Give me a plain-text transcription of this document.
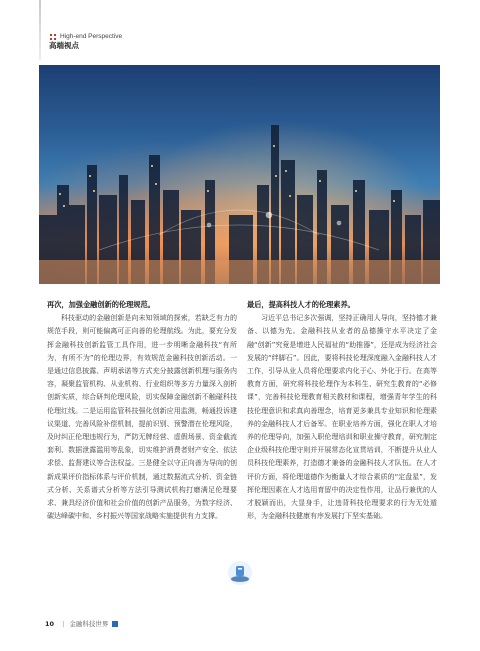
High-end Perspective
高端视点
再次，加强金融创新的伦理规范。

科技驱动的金融创新是向未知领域的探索，若缺乏有力的规范手段，则可能偏离可正向善的伦理航线。为此，要充分发挥金融科技创新监管工具作用，进一步明晰金融科技“有所为，有所不为”的伦理边界，有效规范金融科技创新活动。一是通过信息披露、声明承诺等方式充分披露创新机理与服务内容，凝聚监管机构、从业机构、行业组织等多方力量深入剖析创新实质，综合研判伦理风险，切实保障金融创新不触碰科技伦理红线。二是运用监管科技强化创新应用监测，畅通投诉建议渠道、完善风险补偿机制，提前识别、预警潜在伦理风险，及时纠正伦理违规行为，严防无牌经营、虚假场景、资金截流套利、数据泄露滥用等乱象，切实维护消费者财产安全、依法求偿、监督建议等合法权益。三是健全以守正向善为导向的创新成果评价指标体系与评价机制，通过数据流式分析、资金链式分析、关系谱式分析等方法引导测试机构打磨满足伦理要求、兼具经济价值和社会价值的创新产品服务，为数字经济、碳达峰碳中和、乡村振兴等国家战略实施提供有力支撑。

最后，提高科技人才的伦理素养。

习近平总书记多次强调，坚持正确用人导向，坚持德才兼备、以德为先。金融科技从业者的品德操守水平决定了金融“创新”究竟是增进人民福祉的“助推器”，还是成为经济社会发展的“绊脚石”。因此，要将科技伦理深度融入金融科技人才工作，引导从业人员将伦理要求内化于心、外化于行。在高等教育方面，研究将科技伦理作为本科生、研究生教育的“必修课”，完善科技伦理教育相关教材和课程，增强青年学生的科技伦理意识和求真向善理念，培育更多兼具专业知识和伦理素养的金融科技人才后备军。在职业培养方面，强化在职人才培养的伦理导向，加强入职伦理培训和职业操守教育，研究制定企业级科技伦理守则并开展常态化宣贯培训，不断提升从业人员科技伦理素养，打造德才兼备的金融科技人才队伍。在人才评价方面，将伦理道德作为衡量人才综合素质的“定盘星”，发挥伦理因素在人才选用育留中的决定性作用，让品行兼优的人才脱颖而出，大显身手，让违背科技伦理要求的行为无处遁形，为金融科技健康有序发展打下坚实基础。

10 | 金融科技世界
